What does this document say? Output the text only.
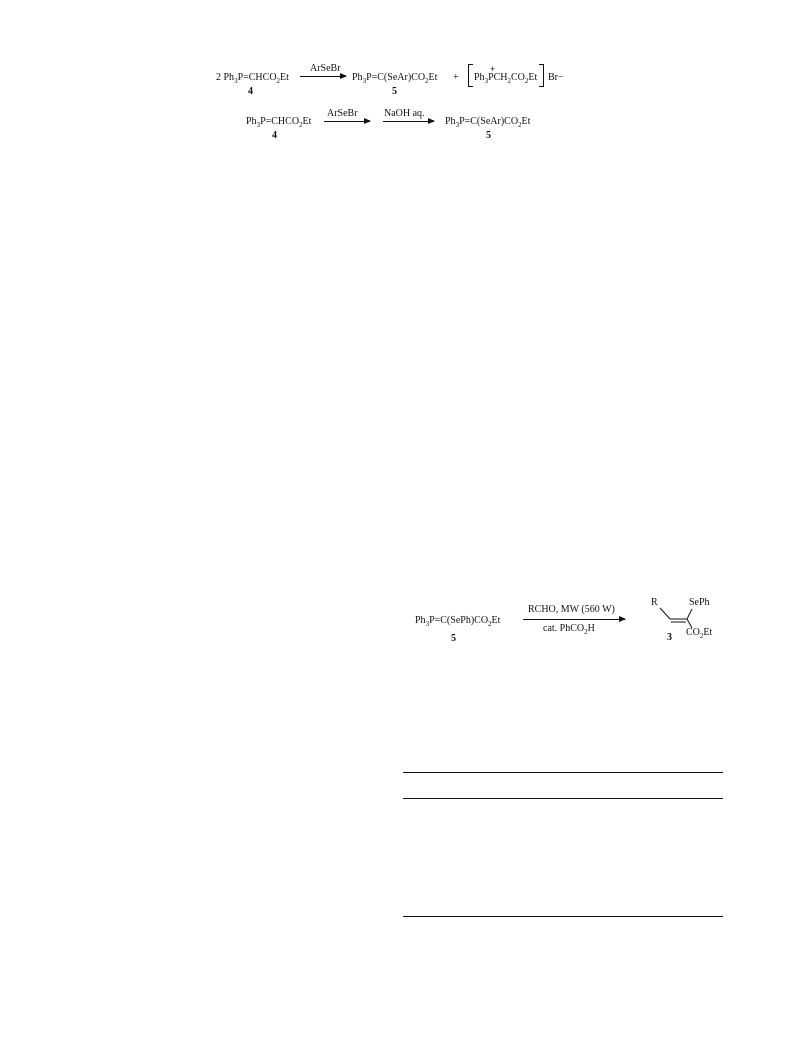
2 $Ph_3P=CHCO_2Et$
4
ArSeBr
$Ph_3P=C(SeAr)CO_2Et$
5
+ $Ph_3PCH_2CO_2Et$
+
Br−
$Ph_3P=CHCO_2Et$
4
ArSeBr	NaOH aq.
$Ph_3P=C(SeAr)CO_2Et$
5
$Ph_3P=C(SePh)CO_2Et$
5
RCHO, MW (560 W)
cat. PhCO$_2$H
R	SePh
3 $CO_2Et$
